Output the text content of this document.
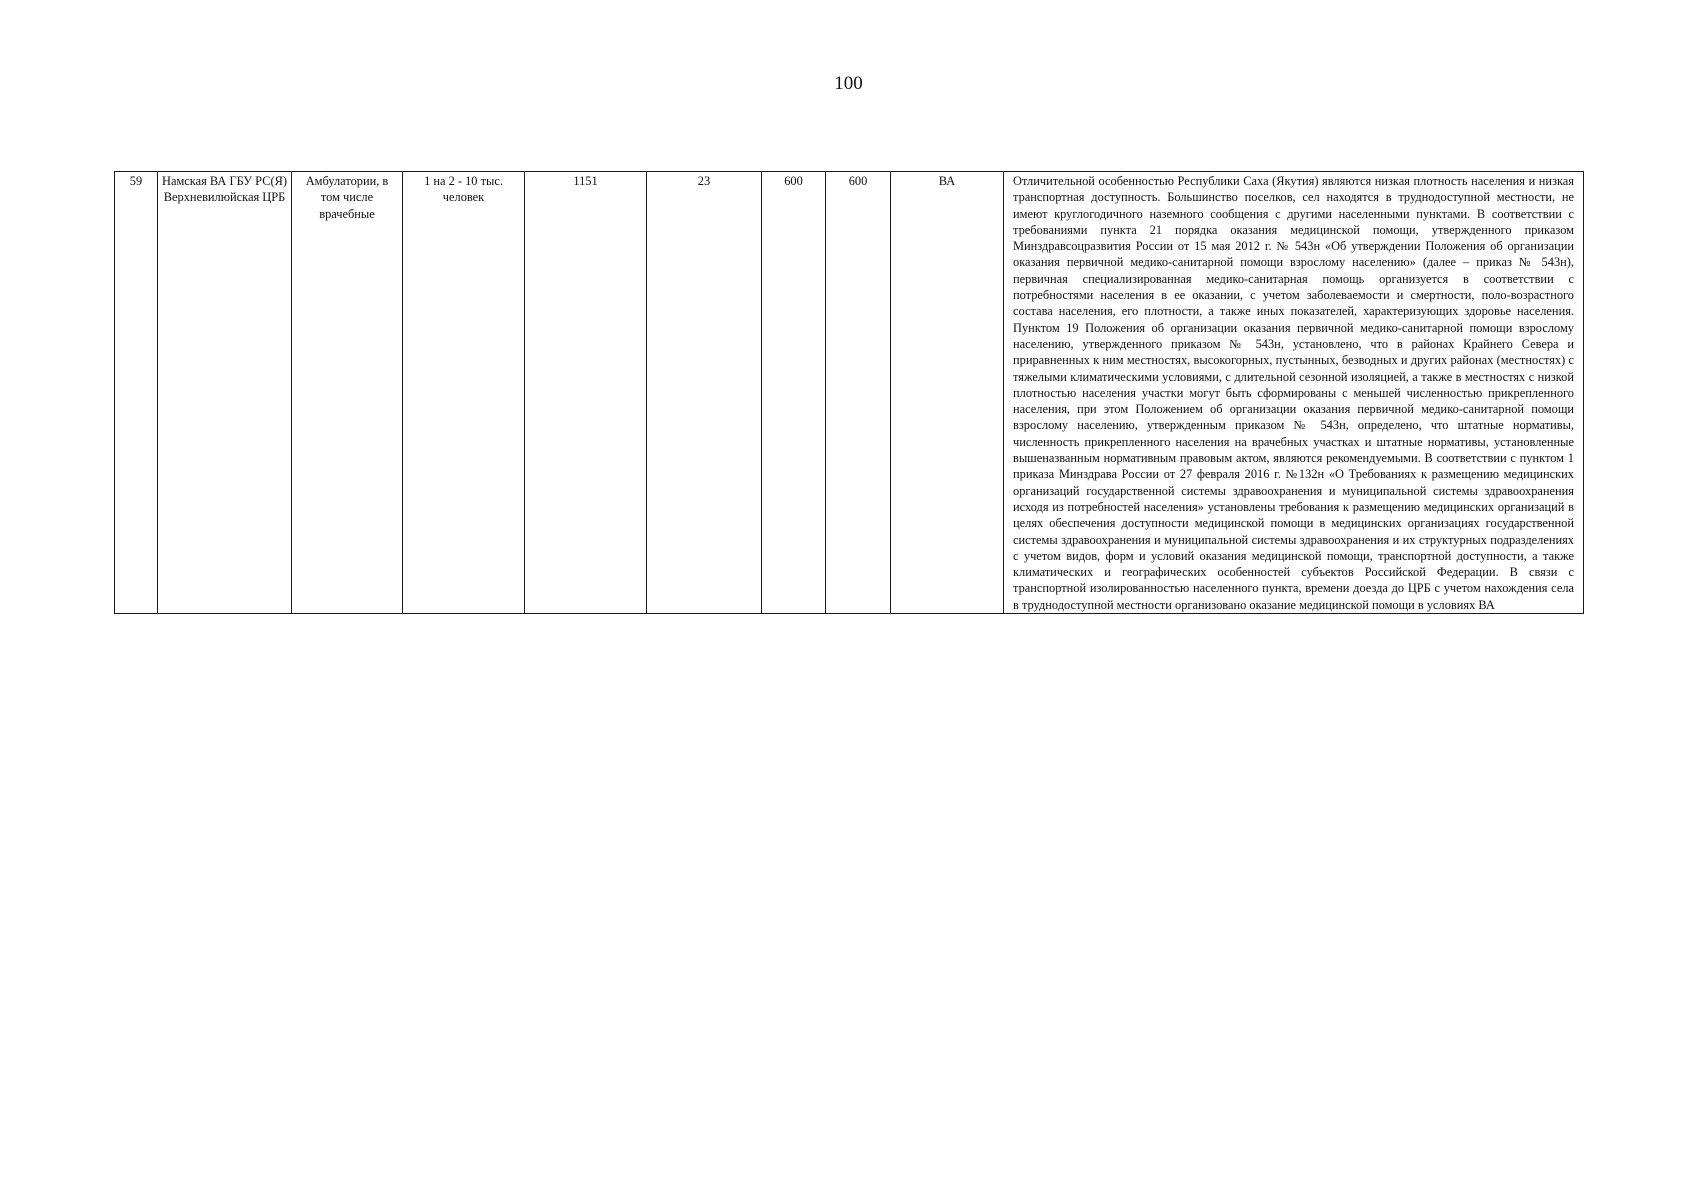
100
59	Намская ВА ГБУ РС(Я) Верхневилюйская ЦРБ	Амбулатории, в том числе врачебные	1 на 2 - 10 тыс. человек	1151	23	600	600	ВА	Отличительной особенностью Республики Саха (Якутия) являются низкая плотность населения и низкая транспортная доступность. Большинство поселков, сел находятся в труднодоступной местности, не имеют круглогодичного наземного сообщения с другими населенными пунктами. В соответствии с требованиями пункта 21 порядка оказания медицинской помощи, утвержденного приказом Минздравсоцразвития России от 15 мая 2012 г. № 543н «Об утверждении Положения об организации оказания первичной медико-санитарной помощи взрослому населению» (далее – приказ № 543н), первичная специализированная медико-санитарная помощь организуется в соответствии с потребностями населения в ее оказании, с учетом заболеваемости и смертности, поло-возрастного состава населения, его плотности, а также иных показателей, характеризующих здоровье населения. Пунктом 19 Положения об организации оказания первичной медико-санитарной помощи взрослому населению, утвержденного приказом № 543н, установлено, что в районах Крайнего Севера и приравненных к ним местностях, высокогорных, пустынных, безводных и других районах (местностях) с тяжелыми климатическими условиями, с длительной сезонной изоляцией, а также в местностях с низкой плотностью населения участки могут быть сформированы с меньшей численностью прикрепленного населения, при этом Положением об организации оказания первичной медико-санитарной помощи взрослому населению, утвержденным приказом № 543н, определено, что штатные нормативы, численность прикрепленного населения на врачебных участках и штатные нормативы, установленные вышеназванным нормативным правовым актом, являются рекомендуемыми. В соответствии с пунктом 1 приказа Минздрава России от 27 февраля 2016 г. №132н «О Требованиях к размещению медицинских организаций государственной системы здравоохранения и муниципальной системы здравоохранения исходя из потребностей населения» установлены требования к размещению медицинских организаций в целях обеспечения доступности медицинской помощи в медицинских организациях государственной системы здравоохранения и муниципальной системы здравоохранения и их структурных подразделениях с учетом видов, форм и условий оказания медицинской помощи, транспортной доступности, а также климатических и географических особенностей субъектов Российской Федерации. В связи с транспортной изолированностью населенного пункта, времени доезда до ЦРБ с учетом нахождения села в труднодоступной местности организовано оказание медицинской помощи в условиях ВА
